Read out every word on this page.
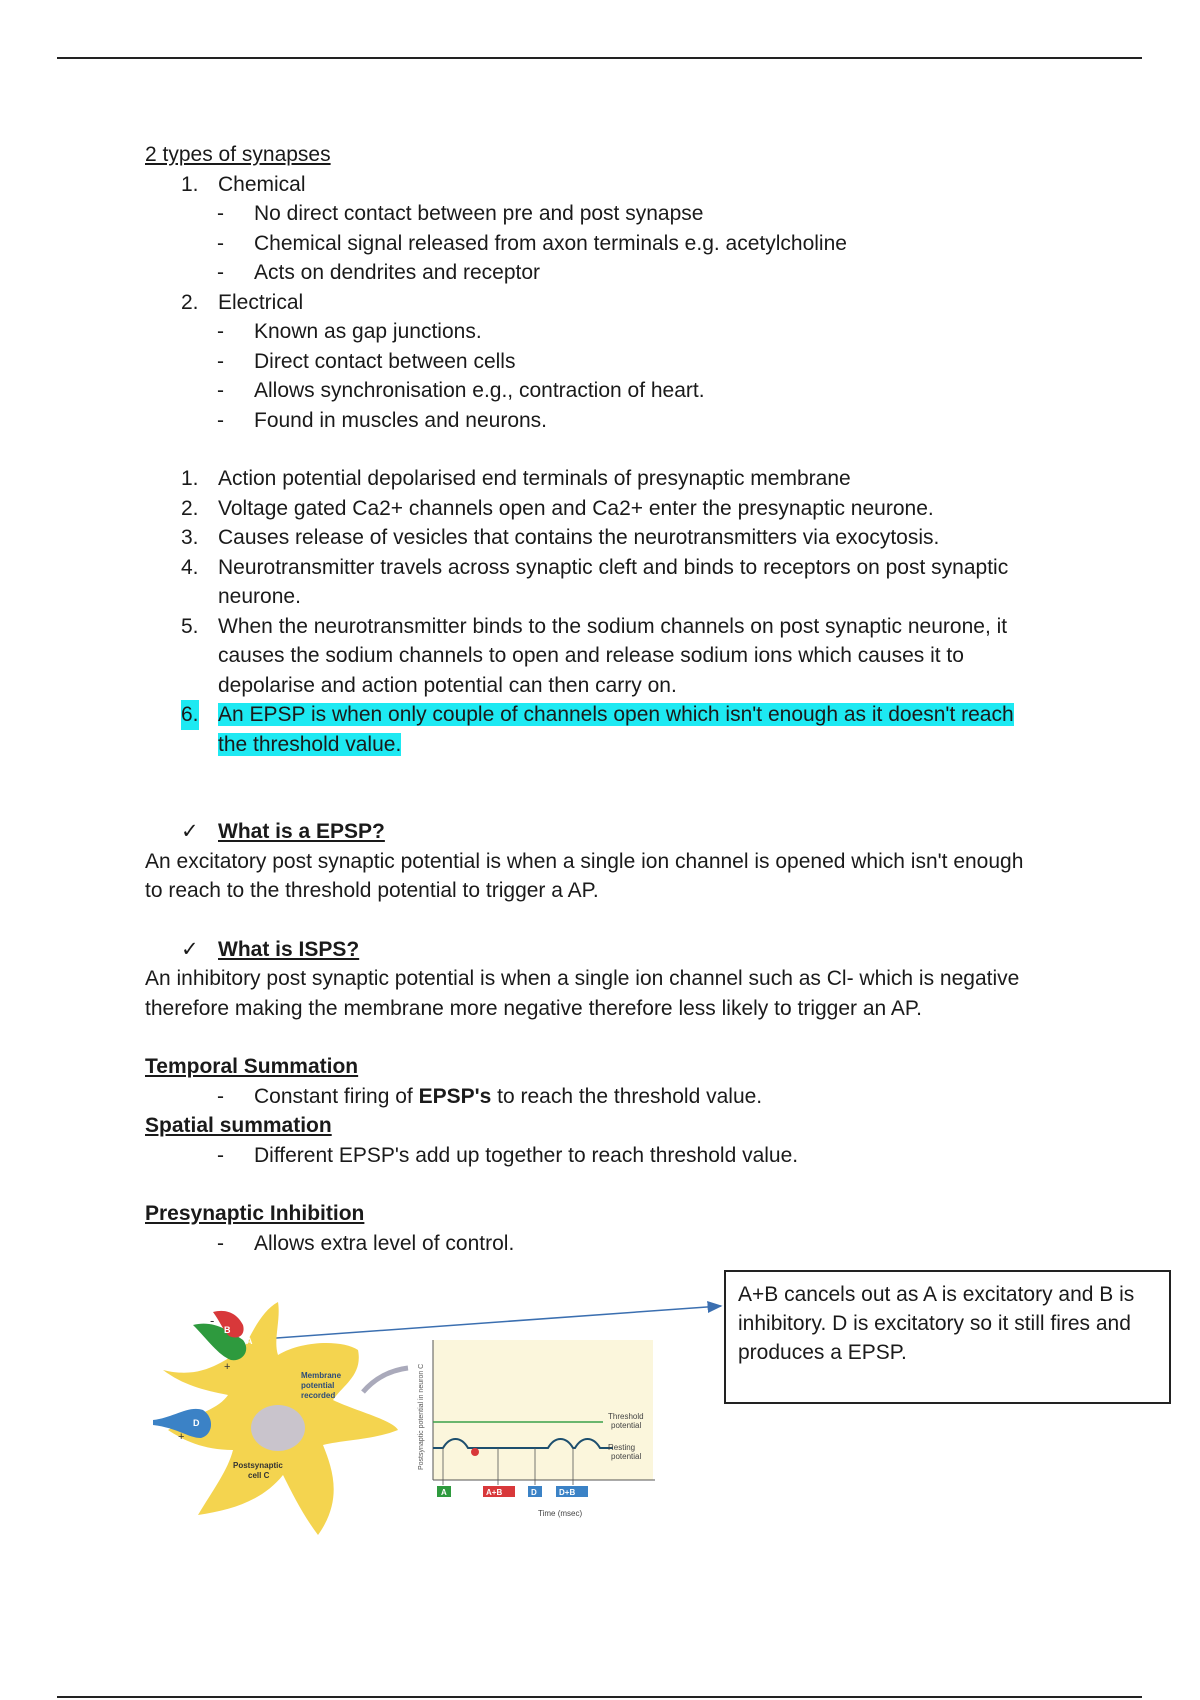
2 types of synapses
1. Chemical
- No direct contact between pre and post synapse
- Chemical signal released from axon terminals e.g. acetylcholine
- Acts on dendrites and receptor
2. Electrical
- Known as gap junctions.
- Direct contact between cells
- Allows synchronisation e.g., contraction of heart.
- Found in muscles and neurons.
1. Action potential depolarised end terminals of presynaptic membrane
2. Voltage gated Ca2+ channels open and Ca2+ enter the presynaptic neurone.
3. Causes release of vesicles that contains the neurotransmitters via exocytosis.
4. Neurotransmitter travels across synaptic cleft and binds to receptors on post synaptic neurone.
5. When the neurotransmitter binds to the sodium channels on post synaptic neurone, it causes the sodium channels to open and release sodium ions which causes it to depolarise and action potential can then carry on.
6. An EPSP is when only couple of channels open which isn't enough as it doesn't reach the threshold value.
✓ What is a EPSP?
An excitatory post synaptic potential is when a single ion channel is opened which isn't enough to reach to the threshold potential to trigger a AP.
✓ What is ISPS?
An inhibitory post synaptic potential is when a single ion channel such as Cl- which is negative therefore making the membrane more negative therefore less likely to trigger an AP.
Temporal Summation
- Constant firing of EPSP's to reach the threshold value.
Spatial summation
- Different EPSP's add up together to reach threshold value.
Presynaptic Inhibition
- Allows extra level of control.
A+B cancels out as A is excitatory and B is inhibitory. D is excitatory so it still fires and produces a EPSP.
A
B
D
-
+
+
Membrane
potential
recorded
Postsynaptic
cell C
Threshold
potential
Resting
potential
Postsynaptic potential in neuron C
Time (msec)
A	A+B	D	D+B
